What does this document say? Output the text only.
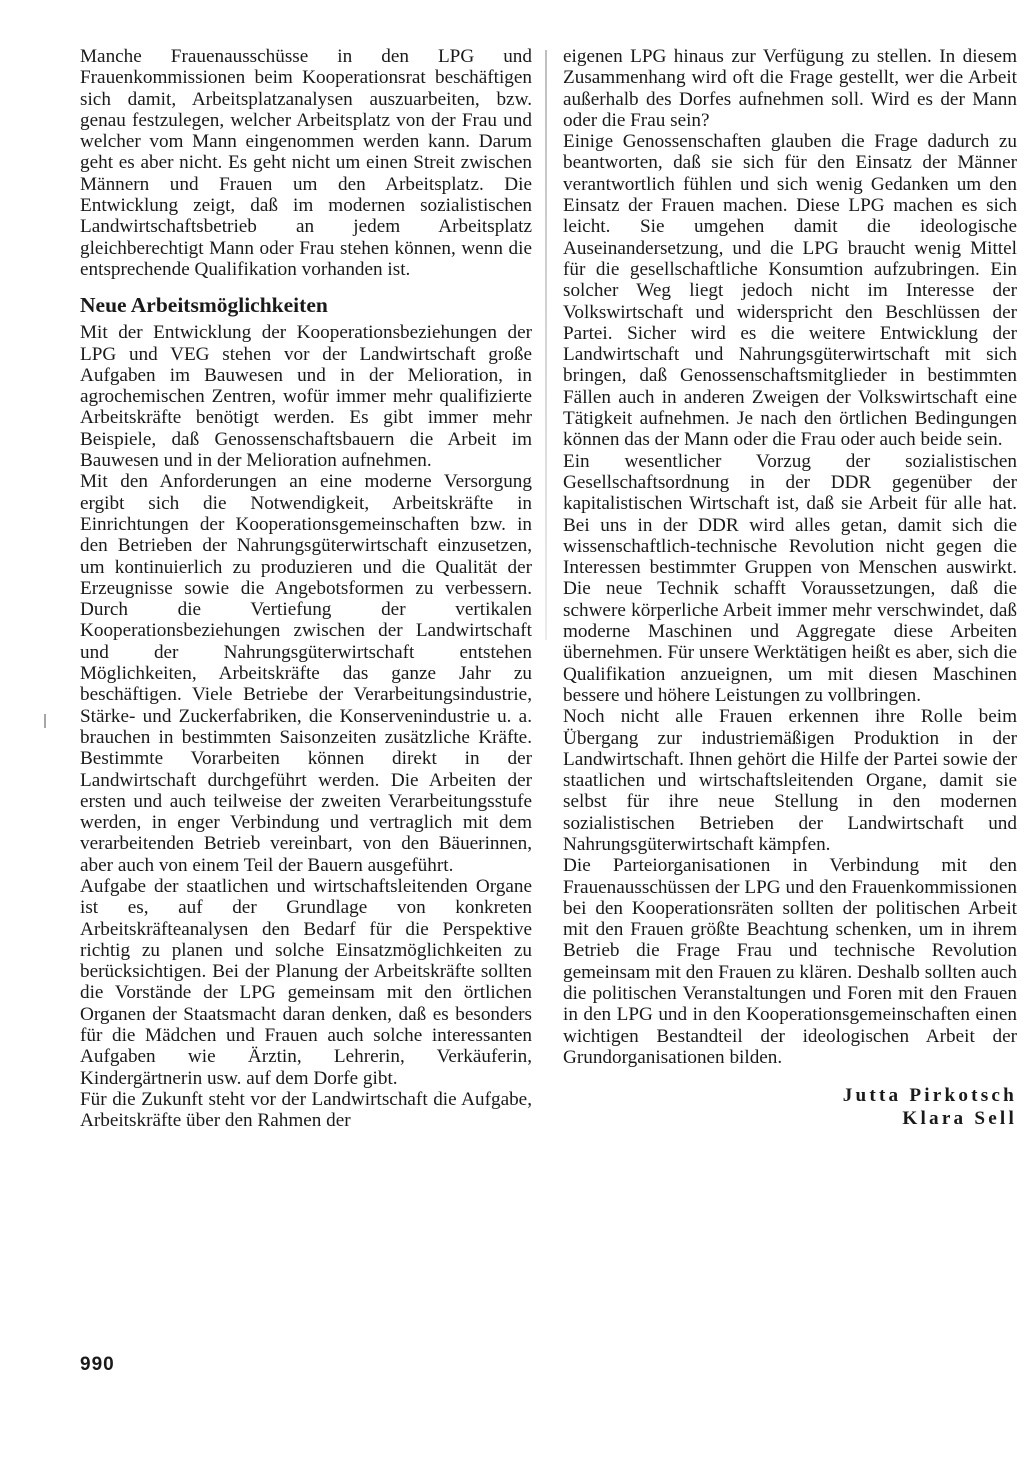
Manche Frauenausschüsse in den LPG und Frauenkommissionen beim Kooperationsrat beschäftigen sich damit, Arbeitsplatzanalysen auszuarbeiten, bzw. genau festzulegen, welcher Arbeitsplatz von der Frau und welcher vom Mann eingenommen werden kann. Darum geht es aber nicht. Es geht nicht um einen Streit zwischen Männern und Frauen um den Arbeitsplatz. Die Entwicklung zeigt, daß im modernen sozialistischen Landwirtschaftsbetrieb an jedem Arbeitsplatz gleichberechtigt Mann oder Frau stehen können, wenn die entsprechende Qualifikation vorhanden ist.

Neue Arbeitsmöglichkeiten

Mit der Entwicklung der Kooperationsbeziehungen der LPG und VEG stehen vor der Landwirtschaft große Aufgaben im Bauwesen und in der Melioration, in agrochemischen Zentren, wofür immer mehr qualifizierte Arbeitskräfte benötigt werden. Es gibt immer mehr Beispiele, daß Genossenschaftsbauern die Arbeit im Bauwesen und in der Melioration aufnehmen.

Mit den Anforderungen an eine moderne Versorgung ergibt sich die Notwendigkeit, Arbeitskräfte in Einrichtungen der Kooperationsgemeinschaften bzw. in den Betrieben der Nahrungsgüterwirtschaft einzusetzen, um kontinuierlich zu produzieren und die Qualität der Erzeugnisse sowie die Angebotsformen zu verbessern. Durch die Vertiefung der vertikalen Kooperationsbeziehungen zwischen der Landwirtschaft und der Nahrungsgüterwirtschaft entstehen Möglichkeiten, Arbeitskräfte das ganze Jahr zu beschäftigen. Viele Betriebe der Verarbeitungsindustrie, Stärke- und Zuckerfabriken, die Konservenindustrie u. a. brauchen in bestimmten Saisonzeiten zusätzliche Kräfte. Bestimmte Vorarbeiten können direkt in der Landwirtschaft durchgeführt werden. Die Arbeiten der ersten und auch teilweise der zweiten Verarbeitungsstufe werden, in enger Verbindung und vertraglich mit dem verarbeitenden Betrieb vereinbart, von den Bäuerinnen, aber auch von einem Teil der Bauern ausgeführt.

Aufgabe der staatlichen und wirtschaftsleitenden Organe ist es, auf der Grundlage von konkreten Arbeitskräfteanalysen den Bedarf für die Perspektive richtig zu planen und solche Einsatzmöglichkeiten zu berücksichtigen. Bei der Planung der Arbeitskräfte sollten die Vorstände der LPG gemeinsam mit den örtlichen Organen der Staatsmacht daran denken, daß es besonders für die Mädchen und Frauen auch solche interessanten Aufgaben wie Ärztin, Lehrerin, Verkäuferin, Kindergärtnerin usw. auf dem Dorfe gibt.

Für die Zukunft steht vor der Landwirtschaft die Aufgabe, Arbeitskräfte über den Rahmen der

eigenen LPG hinaus zur Verfügung zu stellen. In diesem Zusammenhang wird oft die Frage gestellt, wer die Arbeit außerhalb des Dorfes aufnehmen soll. Wird es der Mann oder die Frau sein?

Einige Genossenschaften glauben die Frage dadurch zu beantworten, daß sie sich für den Einsatz der Männer verantwortlich fühlen und sich wenig Gedanken um den Einsatz der Frauen machen. Diese LPG machen es sich leicht. Sie umgehen damit die ideologische Auseinandersetzung, und die LPG braucht wenig Mittel für die gesellschaftliche Konsumtion aufzubringen. Ein solcher Weg liegt jedoch nicht im Interesse der Volkswirtschaft und widerspricht den Beschlüssen der Partei. Sicher wird es die weitere Entwicklung der Landwirtschaft und Nahrungsgüterwirtschaft mit sich bringen, daß Genossenschaftsmitglieder in bestimmten Fällen auch in anderen Zweigen der Volkswirtschaft eine Tätigkeit aufnehmen. Je nach den örtlichen Bedingungen können das der Mann oder die Frau oder auch beide sein.

Ein wesentlicher Vorzug der sozialistischen Gesellschaftsordnung in der DDR gegenüber der kapitalistischen Wirtschaft ist, daß sie Arbeit für alle hat. Bei uns in der DDR wird alles getan, damit sich die wissenschaftlich-technische Revolution nicht gegen die Interessen bestimmter Gruppen von Menschen auswirkt. Die neue Technik schafft Voraussetzungen, daß die schwere körperliche Arbeit immer mehr verschwindet, daß moderne Maschinen und Aggregate diese Arbeiten übernehmen. Für unsere Werktätigen heißt es aber, sich die Qualifikation anzueignen, um mit diesen Maschinen bessere und höhere Leistungen zu vollbringen.

Noch nicht alle Frauen erkennen ihre Rolle beim Übergang zur industriemäßigen Produktion in der Landwirtschaft. Ihnen gehört die Hilfe der Partei sowie der staatlichen und wirtschaftsleitenden Organe, damit sie selbst für ihre neue Stellung in den modernen sozialistischen Betrieben der Landwirtschaft und Nahrungsgüterwirtschaft kämpfen.

Die Parteiorganisationen in Verbindung mit den Frauenausschüssen der LPG und den Frauenkommissionen bei den Kooperationsräten sollten der politischen Arbeit mit den Frauen größte Beachtung schenken, um in ihrem Betrieb die Frage Frau und technische Revolution gemeinsam mit den Frauen zu klären. Deshalb sollten auch die politischen Veranstaltungen und Foren mit den Frauen in den LPG und in den Kooperationsgemeinschaften einen wichtigen Bestandteil der ideologischen Arbeit der Grundorganisationen bilden.

Jutta Pirkotsch
Klara Sell
990
